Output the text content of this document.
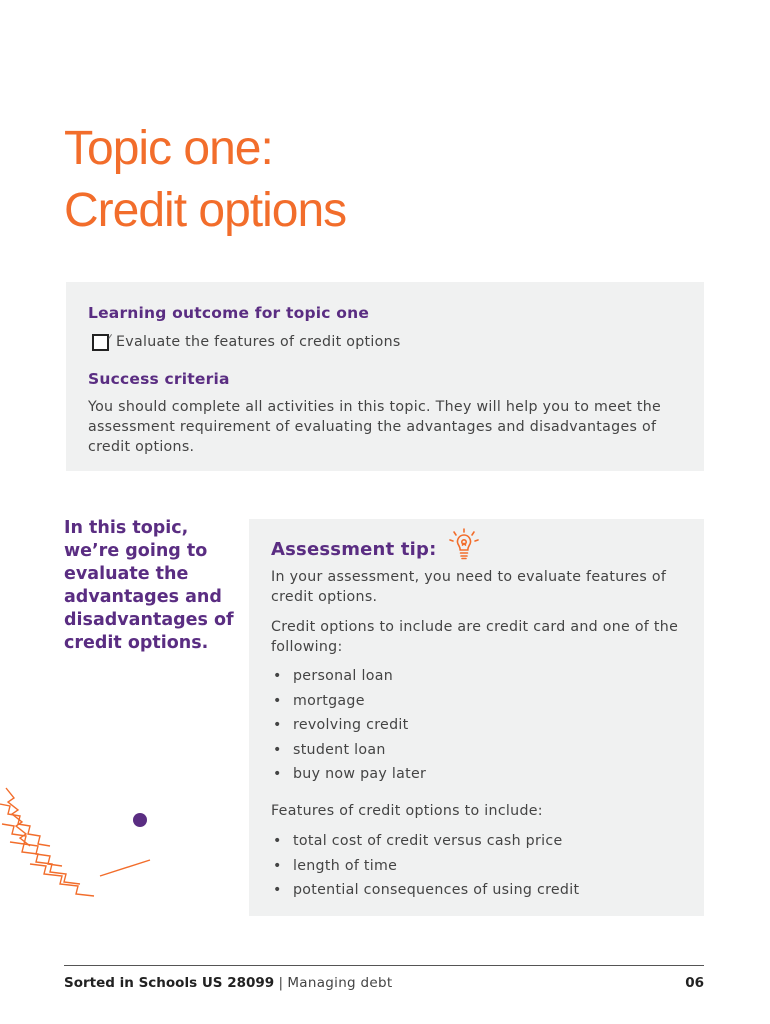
Topic one:
Credit options
Learning outcome for topic one
Evaluate the features of credit options
Success criteria

You should complete all activities in this topic. They will help you to meet the assessment requirement of evaluating the advantages and disadvantages of credit options.

In this topic, we’re going to evaluate the advantages and disadvantages of credit options.

Assessment tip:

In your assessment, you need to evaluate features of credit options.

Credit options to include are credit card and one of the following:

• personal loan
• mortgage
• revolving credit
• student loan
• buy now pay later

Features of credit options to include:

• total cost of credit versus cash price
• length of time
• potential consequences of using credit
Sorted in Schools US 28099 | Managing debt	06
